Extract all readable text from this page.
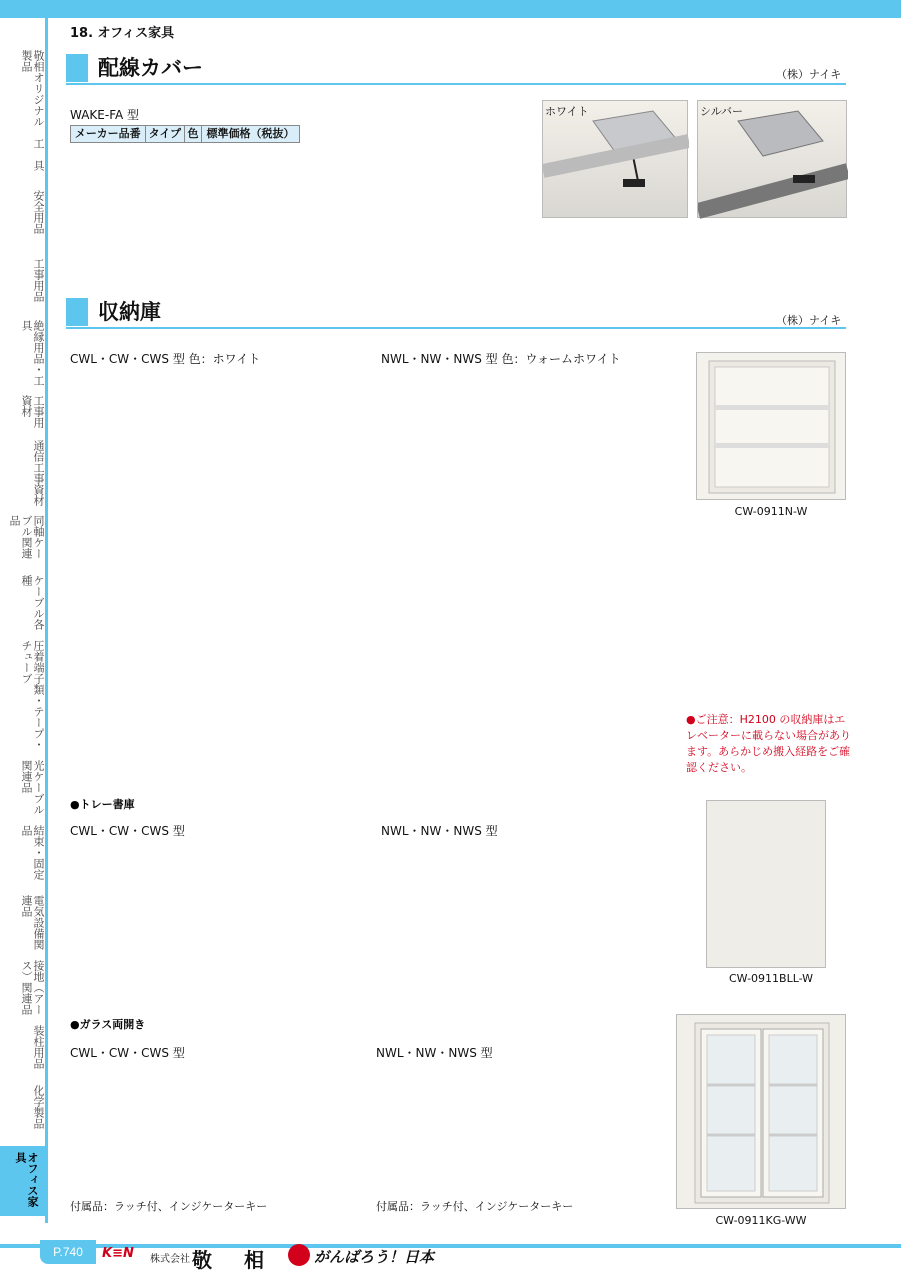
18. オフィス家具
敬相オリジナル製品
工　具
安全用品
工事用品
絶縁用品・工具
工事用資材
通信工事資材
同軸ケーブル関連品
ケーブル各種
圧着端子類・テープ・チューブ
光ケーブル関連品
結束・固定品
電気設備関連品
接地（アース）関連品
装柱用品
化学製品
オフィス家具
配線カバー	（株）ナイキ
WAKE-FA 型
メーカー品番	タイプ	色	標準価格（税抜）
ホワイト	シルバー
収納庫	（株）ナイキ
CWL・CW・CWS 型 色：ホワイト	NWL・NW・NWS 型 色：ウォームホワイト
CW-0911N-W
●ご注意：H2100 の収納庫はエレベーターに載らない場合があります。あらかじめ搬入経路をご確認ください。
●トレー書庫
CWL・CW・CWS 型	NWL・NW・NWS 型
CW-0911BLL-W
●ガラス両開き
CWL・CW・CWS 型	NWL・NW・NWS 型
付属品：ラッチ付、インジケーターキー	付属品：ラッチ付、インジケーターキー
CW-0911KG-WW
P.740	K≡N 株式会社 敬 相	がんばろう！日本
